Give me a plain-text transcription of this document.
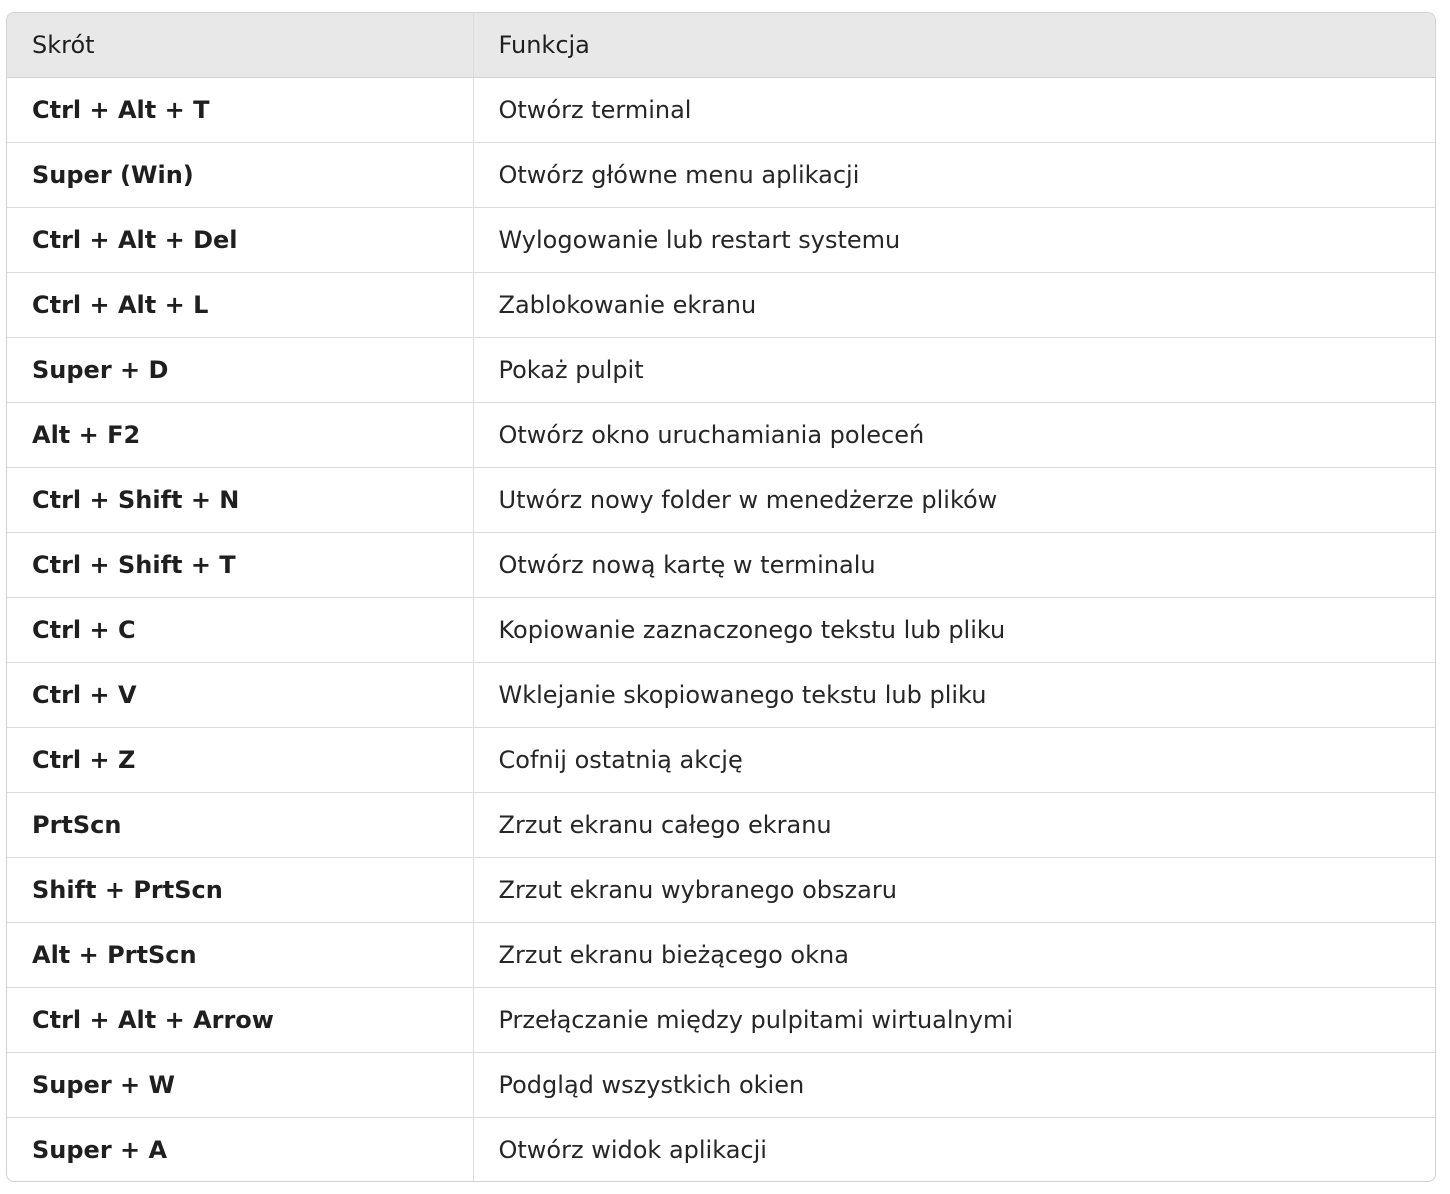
Skrót	Funkcja
Ctrl + Alt + T	Otwórz terminal
Super (Win)	Otwórz główne menu aplikacji
Ctrl + Alt + Del	Wylogowanie lub restart systemu
Ctrl + Alt + L	Zablokowanie ekranu
Super + D	Pokaż pulpit
Alt + F2	Otwórz okno uruchamiania poleceń
Ctrl + Shift + N	Utwórz nowy folder w menedżerze plików
Ctrl + Shift + T	Otwórz nową kartę w terminalu
Ctrl + C	Kopiowanie zaznaczonego tekstu lub pliku
Ctrl + V	Wklejanie skopiowanego tekstu lub pliku
Ctrl + Z	Cofnij ostatnią akcję
PrtScn	Zrzut ekranu całego ekranu
Shift + PrtScn	Zrzut ekranu wybranego obszaru
Alt + PrtScn	Zrzut ekranu bieżącego okna
Ctrl + Alt + Arrow	Przełączanie między pulpitami wirtualnymi
Super + W	Podgląd wszystkich okien
Super + A	Otwórz widok aplikacji
